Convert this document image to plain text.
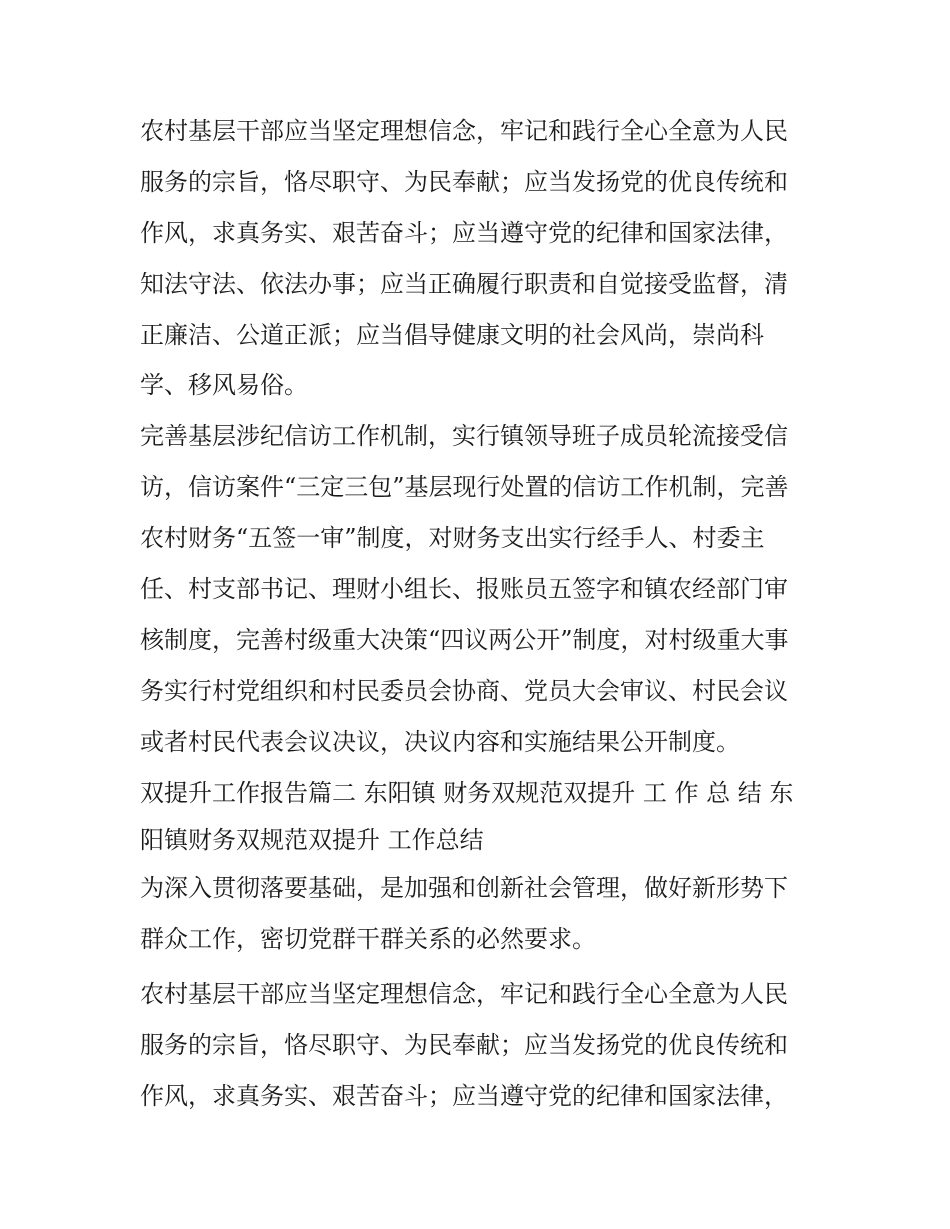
农村基层干部应当坚定理想信念，牢记和践行全心全意为人民
服务的宗旨，恪尽职守、为民奉献；应当发扬党的优良传统和
作风，求真务实、艰苦奋斗；应当遵守党的纪律和国家法律，
知法守法、依法办事；应当正确履行职责和自觉接受监督，清
正廉洁、公道正派；应当倡导健康文明的社会风尚，崇尚科
学、移风易俗。
完善基层涉纪信访工作机制，实行镇领导班子成员轮流接受信
访，信访案件“三定三包”基层现行处置的信访工作机制，完善
农村财务“五签一审”制度，对财务支出实行经手人、村委主
任、村支部书记、理财小组长、报账员五签字和镇农经部门审
核制度，完善村级重大决策“四议两公开”制度，对村级重大事
务实行村党组织和村民委员会协商、党员大会审议、村民会议
或者村民代表会议决议，决议内容和实施结果公开制度。
双提升工作报告篇二 东阳镇 财务双规范双提升 工 作 总 结 东
阳镇财务双规范双提升 工作总结
为深入贯彻落要基础，是加强和创新社会管理，做好新形势下
群众工作，密切党群干群关系的必然要求。
农村基层干部应当坚定理想信念，牢记和践行全心全意为人民
服务的宗旨，恪尽职守、为民奉献；应当发扬党的优良传统和
作风，求真务实、艰苦奋斗；应当遵守党的纪律和国家法律，
